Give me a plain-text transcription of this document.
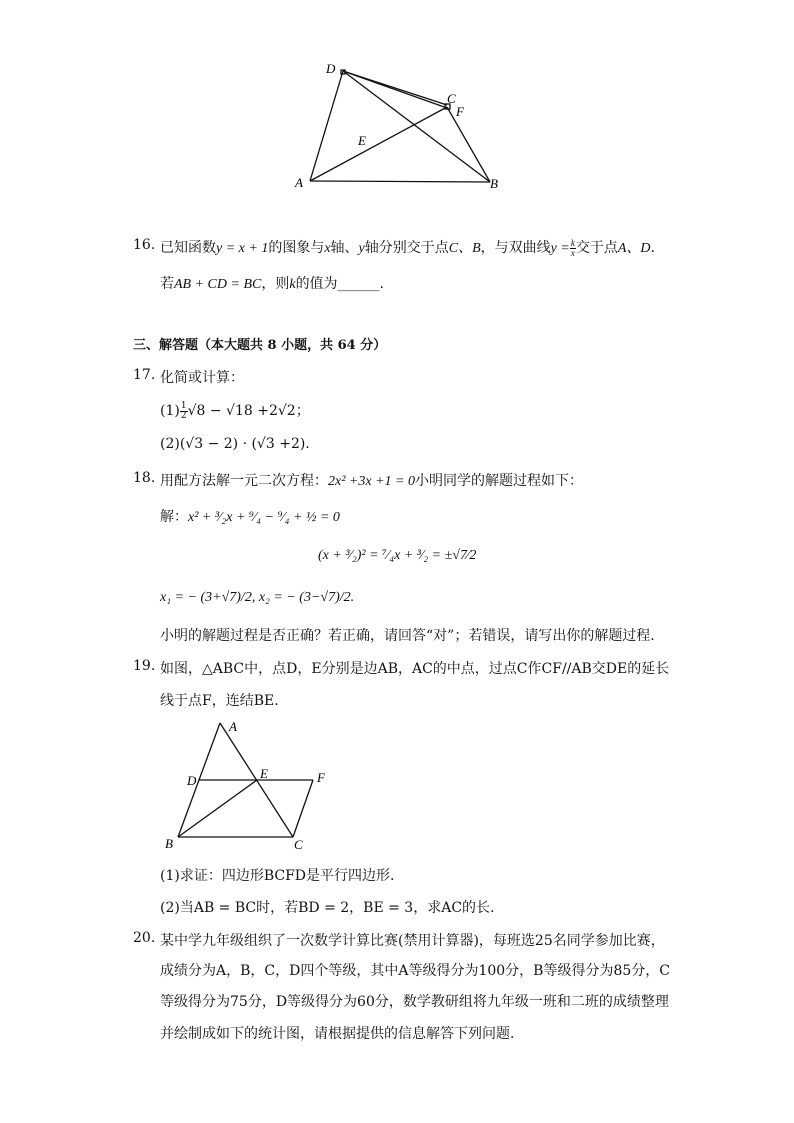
D
C
F
E
A	B
16. 已知函数y = x + 1的图象与x轴、y轴分别交于点C、B，与双曲线$y = \frac{k}{x}$ 交于点A、D.
若AB + CD = BC，则k的值为______.
三、解答题（本大题共 8 小题，共 64 分）
17. 化简或计算：
$(1) \frac{1}{2} √8 - √18 +2√2$；
(2)(√3 − 2) · (√3 +2).
18. 用配方法解一元二次方程：2x² +3x +1 = 0小明同学的解题过程如下：
解：x² + ³⁄₂x + ⁹⁄₄ − ⁹⁄₄ + ½ = 0
(x + ³⁄₂)² = ⁷⁄₄x + ³⁄₂ = ±√7⁄2
x₁ = − (3+√7)/2, x₂ = − (3−√7)/2.
小明的解题过程是否正确？若正确，请回答“对”；若错误，请写出你的解题过程.
19. 如图，△ABC中，点D，E分别是边AB，AC的中点，过点C作CF//AB交DE的延长
线于点F，连结BE.
A
D	E	F
B	C
(1)求证：四边形BCFD是平行四边形.
(2)当AB = BC时，若BD = 2，BE = 3，求AC的长.
20. 某中学九年级组织了一次数学计算比赛(禁用计算器)，每班选25名同学参加比赛，
成绩分为A，B，C，D四个等级，其中A等级得分为100分，B等级得分为85分，C
等级得分为75分，D等级得分为60分，数学教研组将九年级一班和二班的成绩整理
并绘制成如下的统计图，请根据提供的信息解答下列问题.
